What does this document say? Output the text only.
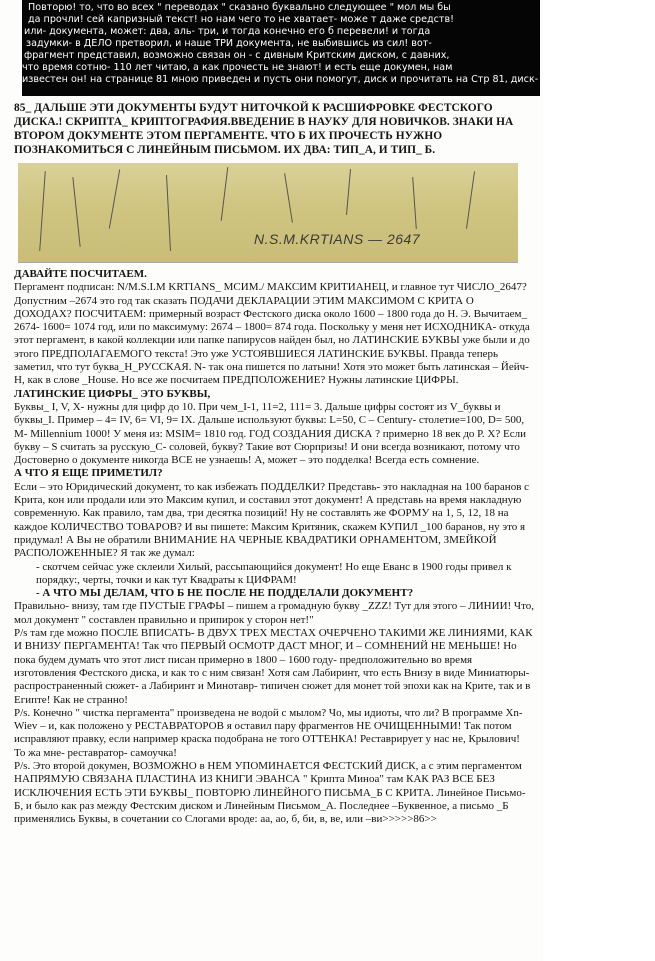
Повторю! то, что во всех " переводах " сказано буквально следующее " мол мы бы
да прочли! сей капризный текст! но нам чего то не хватает- може т даже средств!
или- документа, может: два, аль- три, и тогда конечно его б перевели! и тогда
задумки- в ДЕЛО претворил, и наше ТРИ документа, не выбившись из сил! вот-
фрагмент представил, возможно связан он - с дивным Критским диском, с давних,
что время сотню- 110 лет читаю, а как прочесть не знают! и есть еще докумен, нам
известен он! на странице 81 мною приведен и пусть они помогут, диск и прочитать на Стр 81, диск- пергамент и пластина
85_ ДАЛЬШЕ ЭТИ ДОКУМЕНТЫ БУДУТ НИТОЧКОЙ К РАСШИФРОВКЕ ФЕСТСКОГО ДИСКА.! СКРИПТА_ КРИПТОГРАФИЯ.ВВЕДЕНИЕ В НАУКУ ДЛЯ НОВИЧКОВ. ЗНАКИ НА ВТОРОМ ДОКУМЕНТЕ ЭТОМ ПЕРГАМЕНТЕ. ЧТО Б ИХ ПРОЧЕСТЬ НУЖНО ПОЗНАКОМИТЬСЯ С ЛИНЕЙНЫМ ПИСЬМОМ. ИХ ДВА: ТИП_А, И ТИП_ Б.
N.S.M.KRTIANS — 2647

ДАВАЙТЕ ПОСЧИТАЕМ.

Пергамент подписан: N/M.S.I.M KRTIANS_ МСИМ./ МАКСИМ КРИТИАНЕЦ, и главное тут ЧИСЛО_2647? Допустним –2674 это год так сказать ПОДАЧИ ДЕКЛАРАЦИИ ЭТИМ МАКСИМОМ С КРИТА О ДОХОДАХ? ПОСЧИТАЕМ: примерный возраст Фестского диска около 1600 – 1800 года до Н. Э. Вычитаем_ 2674- 1600= 1074 год, или по максимуму: 2674 – 1800= 874 года. Поскольку у меня нет ИСХОДНИКА- откуда этот пергамент, в какой коллекции или папке папирусов найден был, но ЛАТИНСКИЕ БУКВЫ уже были и до этого ПРЕДПОЛАГАЕМОГО текста! Это уже УСТОЯВШИЕСЯ ЛАТИНСКИЕ БУКВЫ. Правда теперь заметил, что тут буква_Н_РУССКАЯ. N- так она пишется по латыни! Хотя это может быть латинская – Йейч- Н, как в слове _House. Но все же посчитаем ПРЕДПОЛОЖЕНИЕ? Нужны латинские ЦИФРЫ.

ЛАТИНСКИЕ ЦИФРЫ_ ЭТО БУКВЫ,

Буквы_ I, V, X- нужны для цифр до 10. При чем_I-1, 11=2, 111= 3. Дальше цифры состоят из V_буквы и буквы_I. Пример – 4= IV, 6= VI, 9= IX. Дальше используют буквы: L=50, C – Century- столетие=100, D= 500, M- Millennium 1000! У меня из: MSIM= 1810 год. ГОД СОЗДАНИЯ ДИСКА ? примерно 18 век до Р. Х? Если букву – S считать за русскую_С- соловей, букву? Такие вот Сюрпризы! И они всегда возникают, потому что Достоверно о документе никогда ВСЕ не узнаешь! А, может – это подделка! Всегда есть сомнение.

А ЧТО Я ЕЩЕ ПРИМЕТИЛ?

Если – это Юридический документ, то как избежать ПОДДЕЛКИ? Представь- это накладная на 100 баранов с Крита, кон или продали или это Максим купил, и составил этот документ! А представь на время накладную современную. Как правило, там два, три десятка позиций! Ну не составлять же ФОРМУ на 1, 5, 12, 18 на каждое КОЛИЧЕСТВО ТОВАРОВ? И вы пишете: Максим Критяник, скажем КУПИЛ _100 баранов, ну это я придумал! А Вы не обратили ВНИМАНИЕ НА ЧЕРНЫЕ КВАДРАТИКИ ОРНАМЕНТОМ, ЗМЕЙКОЙ РАСПОЛОЖЕННЫЕ? Я так же думал:

- скотчем сейчас уже склеили Хилый, рассыпающийся документ! Но еще Еванс в 1900 годы привел к порядку:, черты, точки и как тут Квадраты к ЦИФРАМ!

- А ЧТО МЫ ДЕЛАМ, ЧТО Б НЕ ПОСЛЕ НЕ ПОДДЕЛАЛИ ДОКУМЕНТ?

Правильно- внизу, там где ПУСТЫЕ ГРАФЫ – пишем а громадную букву _ZZZ! Тут для этого – ЛИНИИ! Что, мол документ " составлен правильно и припирок у сторон нет!"

P/s там где можно ПОСЛЕ ВПИСАТЬ- В ДВУХ ТРЕХ МЕСТАХ ОЧЕРЧЕНО ТАКИМИ ЖЕ ЛИНИЯМИ, КАК И ВНИЗУ ПЕРГАМЕНТА! Так что ПЕРВЫЙ ОСМОТР ДАСТ МНОГ, И – СОМНЕНИЙ НЕ МЕНЬШЕ! Но пока будем думать что этот лист писан примерно в 1800 – 1600 году- предположительно во время изготовления Фестского диска, и как то с ним связан! Хотя сам Лабиринт, что есть Внизу в виде Миниатюры- распространенный сюжет- а Лабиринт и Минотавр- типичен сюжет для монет той эпохи как на Крите, так и в Египте! Как не странно!

P/s. Конечно " чистка пергамента" произведена не водой с мылом? Чо, мы идиоты, что ли? В программе Xn- Wiev – и, как положено у РЕСТАВРАТОРОВ я оставил пару фрагментов НЕ ОЧИЩЕННЫМИ! Так потом исправляют правку, если например краска подобрана не того ОТТЕНКА! Реставрирует у нас не, Крылович! То жа мне- реставратор- самоучка!

P/s. Это второй докумен, ВОЗМОЖНО в НЕМ УПОМИНАЕТСЯ ФЕСТСКИЙ ДИСК, а с этим пергаментом НАПРЯМУЮ СВЯЗАНА ПЛАСТИНА ИЗ КНИГИ ЭВАНСА " Крипта Миноа" там КАК РАЗ ВСЕ БЕЗ ИСКЛЮЧЕНИЯ ЕСТЬ ЭТИ БУКВЫ_ ПОВТОРЮ ЛИНЕЙНОГО ПИСЬМА_Б С КРИТА. Линейное Письмо-Б, и было как раз между Фестским диском и Линейным Письмом_А. Последнее –Буквенное, а письмо _Б применялись Буквы, в сочетании со Слогами вроде: аа, ао, б, би, в, ве, или –ви>>>>>86>>
